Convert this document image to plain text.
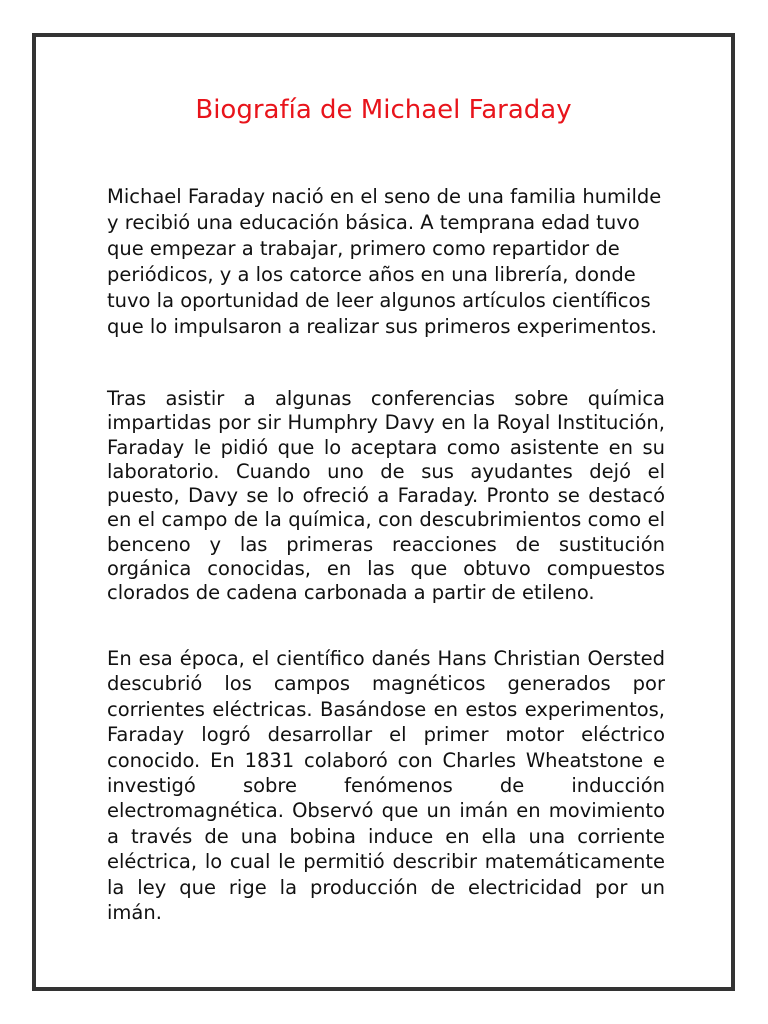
Biografía de Michael Faraday

Michael Faraday nació en el seno de una familia humilde y recibió una educación básica. A temprana edad tuvo que empezar a trabajar, primero como repartidor de periódicos, y a los catorce años en una librería, donde tuvo la oportunidad de leer algunos artículos científicos que lo impulsaron a realizar sus primeros experimentos.

Tras asistir a algunas conferencias sobre química impartidas por sir Humphry Davy en la Royal Institución, Faraday le pidió que lo aceptara como asistente en su laboratorio. Cuando uno de sus ayudantes dejó el puesto, Davy se lo ofreció a Faraday. Pronto se destacó en el campo de la química, con descubrimientos como el benceno y las primeras reacciones de sustitución orgánica conocidas, en las que obtuvo compuestos clorados de cadena carbonada a partir de etileno.

En esa época, el científico danés Hans Christian Oersted descubrió los campos magnéticos generados por corrientes eléctricas. Basándose en estos experimentos, Faraday logró desarrollar el primer motor eléctrico conocido. En 1831 colaboró con Charles Wheatstone e investigó sobre fenómenos de inducción electromagnética. Observó que un imán en movimiento a través de una bobina induce en ella una corriente eléctrica, lo cual le permitió describir matemáticamente la ley que rige la producción de electricidad por un imán.
